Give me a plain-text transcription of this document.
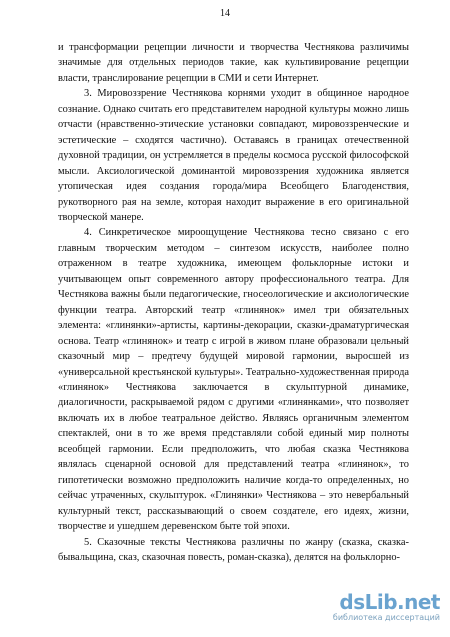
14

и трансформации рецепции личности и творчества Честнякова различимы значимые для отдельных периодов такие, как культивирование рецепции власти, транслирование рецепции в СМИ и сети Интернет.

3. Мировоззрение Честнякова корнями уходит в общинное народное сознание. Однако считать его представителем народной культуры можно лишь отчасти (нравственно-этические установки совпадают, мировоззренческие и эстетические – сходятся частично). Оставаясь в границах отечественной духовной традиции, он устремляется в пределы космоса русской философской мысли. Аксиологической доминантой мировоззрения художника является утопическая идея создания города/мира Всеобщего Благоденствия, рукотворного рая на земле, которая находит выражение в его оригинальной творческой манере.

4. Синкретическое мироощущение Честнякова тесно связано с его главным творческим методом – синтезом искусств, наиболее полно отраженном в театре художника, имеющем фольклорные истоки и учитывающем опыт современного автору профессионального театра. Для Честнякова важны были педагогические, гносеологические и аксиологические функции театра. Авторский театр «глинянок» имел три обязательных элемента: «глинянки»-артисты, картины-декорации, сказки-драматургическая основа. Театр «глинянок» и театр с игрой в живом плане образовали цельный сказочный мир – предтечу будущей мировой гармонии, выросшей из «универсальной крестьянской культуры». Театрально-художественная природа «глинянок» Честнякова заключается в скульптурной динамике, диалогичности, раскрываемой рядом с другими «глинянками», что позволяет включать их в любое театральное действо. Являясь органичным элементом спектаклей, они в то же время представляли собой единый мир полноты всеобщей гармонии. Если предположить, что любая сказка Честнякова являлась сценарной основой для представлений театра «глинянок», то гипотетически возможно предположить наличие когда-то определенных, но сейчас утраченных, скульптурок. «Глинянки» Честнякова – это невербальный культурный текст, рассказывающий о своем создателе, его идеях, жизни, творчестве и ушедшем деревенском быте той эпохи.

5. Сказочные тексты Честнякова различны по жанру (сказка, сказка-бывальщина, сказ, сказочная повесть, роман-сказка), делятся на фольклорно-

dsLib.net
библиотека диссертаций
